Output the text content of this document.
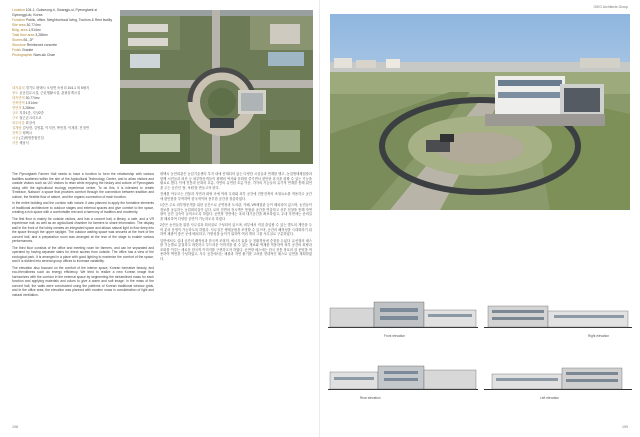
Location 104-1, Gukseong-ri, Gwangju-si, Pyeongtaek-si
Gyeonggi-do, Korea
Function Public, office, Neighborhood living, Tourism & Rest facility
Site area 30,774m²
Bldg. area 1,914m²
Total floor area 3,286m²
Stories B1, 2F
Structure Reinforced concrete
Finish Granite
Photographer Nam-sik Chae
대지위치 경기도 평택시 오성면 숙성리 104-1 외 5필지
용도 공공업무시설, 근린생활시설, 관광휴게시설
대지면적 30,774m²
건축면적 1,914m²
연면적 3,286m²
규모 지하1층, 지상2층
구조 철근콘크리트조
외부마감 화강석
설계팀 김성현, 김영훈, 이지현, 박민경, 이재경, 진정연
건축주 평택시
시공 (주)태영종합건설
사진 채남식

The Pyeongtaek Farmer Hall needs to have a function to form the relationship with various facilities scattered within the site of the Agricultural Technology Center, and to allow visitors and outside visitors such as UG visitors to relax while enjoying the history and culture of Pyeongtaek along with the agricultural ecology experience center. To do this, it is intended to create 'Embrace, Nakwon' a space that provides comfort through the connection between tradition and culture, the flexible flow of nature, and the organic connection of each function.

In the entire building and the corridor with nature, it was planned to apply the formative elements of traditional architecture to outdoor stages and external spaces and give comfort to the space, creating a rich space with a comfortable rest and a harmony of tradition and modernity.

The first floor is mainly for outside visitors, and has a concert hall, a library, a cafe, and a VR experience hall, as well as an agricultural chamber for farmers to share information. The display wall in the front of the lobby creates an integrated space and allows natural light to flow deep into the space through the upper skylight. The outdoor waiting space was secured at the front of the concert hall, and a preparation room was arranged at the rear of the stage to enable various performances.

The third floor consists of the office and meeting room for farmers, and can be separated and operated by having separate stairs for direct access from outside. The office has a view of the ecological park. It is arranged in a place with good lighting to maximize the comfort of the space, and it is divided into several group offices to increase variability.

The elevation also focused on the comfort of the interior space, Korean formative beauty, and eco-friendliness such as energy efficiency. We tried to realize a new Korean image that harmonizes with the corridor in the external space by segmenting the streamlined mass for each function and applying materials and colors to give a warm and soft image. In the mass of the concert hall, the walls were constructed using the patterns of Korean traditional window grids, and in the office area, the elevation was planned with modern mass in consideration of light and natural ventilation.

평택시 농민회관은 농업기술센터 부지 내에 산재되어 있는 다양한 시설들과 연계를 맺고, 농업생태체험장과 함께 시민들과 외산 등 외부방문객들이 평택의 역사와 문화를 즐기면서 편안한 휴식을 취할 수 있는 기능을 필요로 했다. 이에 전통과 문화의 흐름, 자연의 유연한 흐름 이동, 각각의 기능들의 유기적 연계를 통해 위안을 주는 공간인 '품, 낙원'을 만들고자 한다.

전체를 아우르는 건물과 자연과 회랑 속에 야외 무대와 외부 공간에 전통건축의 조형요소를 적용하고 공간에 편안함을 부여하여 한국적이며 풍부한 공간을 창출하였다.

1층은 주로 외부방문객을 위한 공간으로 공연장과 도서관, 카페, VR체험관 등이 배치되어 있으며, 농민들이 정보를 공유하는 농업회의실이 있다. 로비 전면의 전시벽은 통합된 공간을 연출하고 상부 천창을 통해 자연광이 공간 깊숙이 들어오도록 하였다. 공연장 전면에는 옥외 대기공간을 확보하였고, 무대 후면에는 준비실을 배치하여 다양한 공연이 가능하도록 하였다.

2층은 농민들을 위한 사무실과 회의실로 구성되어 있으며, 외부에서 직접 출입할 수 있는 별도의 계단을 두어 분리 운영이 가능하도록 하였다. 사무실은 생태공원을 조망할 수 있으며, 공간의 쾌적성을 극대화하기 위하여 채광이 좋은 곳에 배치하고, 가변성을 높이기 위하여 여러 개의 그룹 사무실로 구분하였다.

입면에서도 실내 공간의 쾌적성과 한국적 조형미, 에너지 효율 등 친환경성에 중점을 두었다. 유선형의 매스를 기능별로 분절하고 따뜻하고 부드러운 이미지를 줄 수 있는 재료와 색채를 적용하여 외부 공간의 회랑과 조화를 이루는 새로운 한국적 이미지를 구현하고자 하였다. 공연장 매스에는 한국 전통 창호의 살 문양을 적용하여 벽면을 구성하였고, 사무 공간에서는 채광과 자연 환기를 고려한 현대적인 매스로 입면을 계획하였다.

198
GIEO Architects Group
Front elevation	Right elevation
Rear elevation	Left elevation
199
